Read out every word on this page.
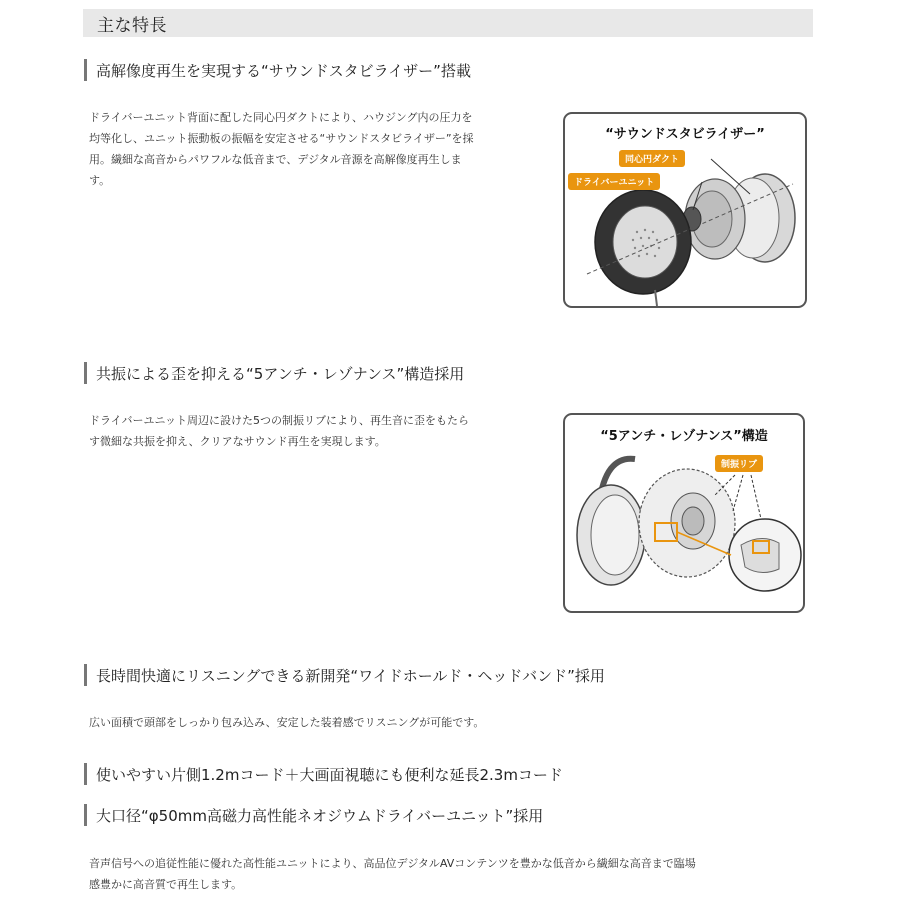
主な特長
高解像度再生を実現する“サウンドスタビライザー”搭載
ドライバーユニット背面に配した同心円ダクトにより、ハウジング内の圧力を
均等化し、ユニット振動板の振幅を安定させる“サウンドスタビライザー”を採
用。繊細な高音からパワフルな低音まで、デジタル音源を高解像度再生しま
す。
“サウンドスタビライザー”
同心円ダクト
ドライバーユニット
共振による歪を抑える“5アンチ・レゾナンス”構造採用
ドライバーユニット周辺に設けた5つの制振リブにより、再生音に歪をもたら
す微細な共振を抑え、クリアなサウンド再生を実現します。	“5アンチ・レゾナンス”構造
制振リブ
長時間快適にリスニングできる新開発“ワイドホールド・ヘッドバンド”採用
広い面積で頭部をしっかり包み込み、安定した装着感でリスニングが可能です。
使いやすい片側1.2mコード＋大画面視聴にも便利な延長2.3mコード
大口径“φ50mm高磁力高性能ネオジウムドライバーユニット”採用
音声信号への追従性能に優れた高性能ユニットにより、高品位デジタルAVコンテンツを豊かな低音から繊細な高音まで臨場
感豊かに高音質で再生します。
